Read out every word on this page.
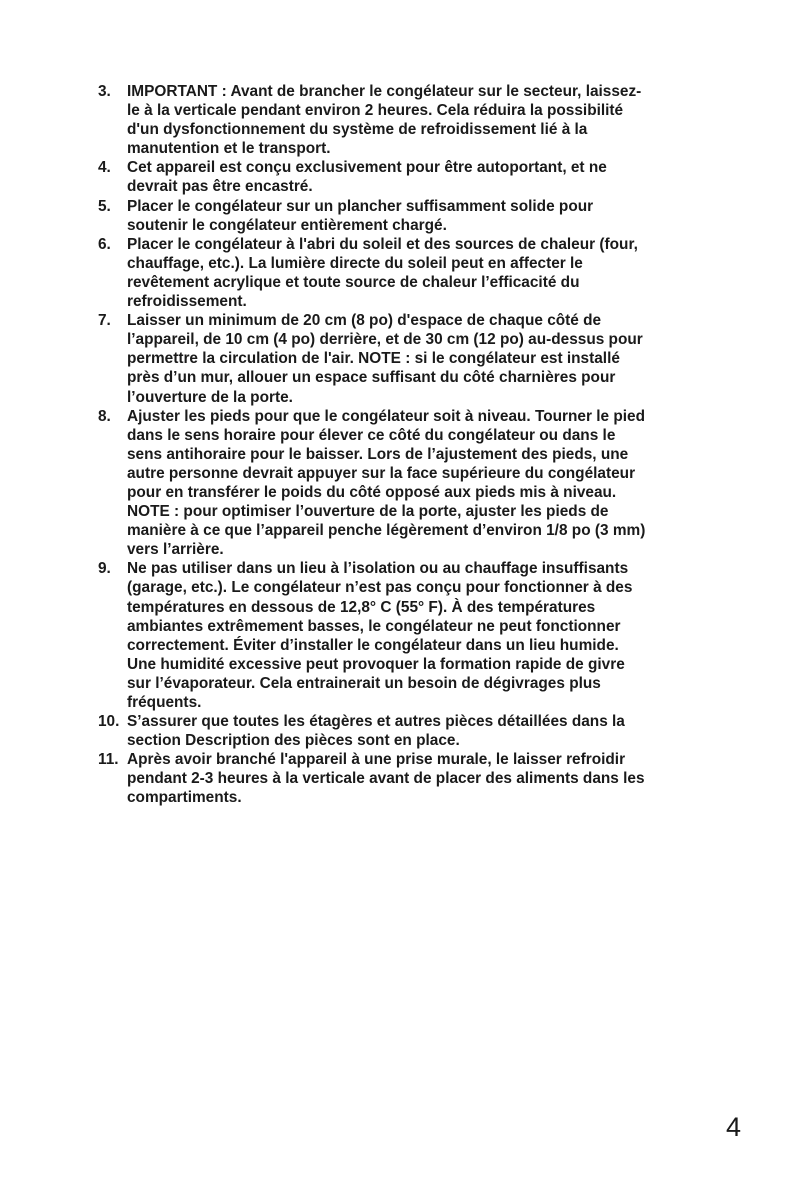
3. IMPORTANT : Avant de brancher le congélateur sur le secteur, laissez-
le à la verticale pendant environ 2 heures. Cela réduira la possibilité
d'un dysfonctionnement du système de refroidissement lié à la
manutention et le transport.
4. Cet appareil est conçu exclusivement pour être autoportant, et ne
devrait pas être encastré.
5. Placer le congélateur sur un plancher suffisamment solide pour
soutenir le congélateur entièrement chargé.
6. Placer le congélateur à l'abri du soleil et des sources de chaleur (four,
chauffage, etc.). La lumière directe du soleil peut en affecter le
revêtement acrylique et toute source de chaleur l’efficacité du
refroidissement.
7. Laisser un minimum de 20 cm (8 po) d'espace de chaque côté de
l’appareil, de 10 cm (4 po) derrière, et de 30 cm (12 po) au-dessus pour
permettre la circulation de l'air. NOTE : si le congélateur est installé
près d’un mur, allouer un espace suffisant du côté charnières pour
l’ouverture de la porte.
8. Ajuster les pieds pour que le congélateur soit à niveau. Tourner le pied
dans le sens horaire pour élever ce côté du congélateur ou dans le
sens antihoraire pour le baisser. Lors de l’ajustement des pieds, une
autre personne devrait appuyer sur la face supérieure du congélateur
pour en transférer le poids du côté opposé aux pieds mis à niveau.
NOTE : pour optimiser l’ouverture de la porte, ajuster les pieds de
manière à ce que l’appareil penche légèrement d’environ 1/8 po (3 mm)
vers l’arrière.
9. Ne pas utiliser dans un lieu à l’isolation ou au chauffage insuffisants
(garage, etc.). Le congélateur n’est pas conçu pour fonctionner à des
températures en dessous de 12,8° C (55° F). À des températures
ambiantes extrêmement basses, le congélateur ne peut fonctionner
correctement. Éviter d’installer le congélateur dans un lieu humide.
Une humidité excessive peut provoquer la formation rapide de givre
sur l’évaporateur. Cela entrainerait un besoin de dégivrages plus
fréquents.
10. S’assurer que toutes les étagères et autres pièces détaillées dans la
section Description des pièces sont en place.
11. Après avoir branché l'appareil à une prise murale, le laisser refroidir
pendant 2-3 heures à la verticale avant de placer des aliments dans les
compartiments.
4
